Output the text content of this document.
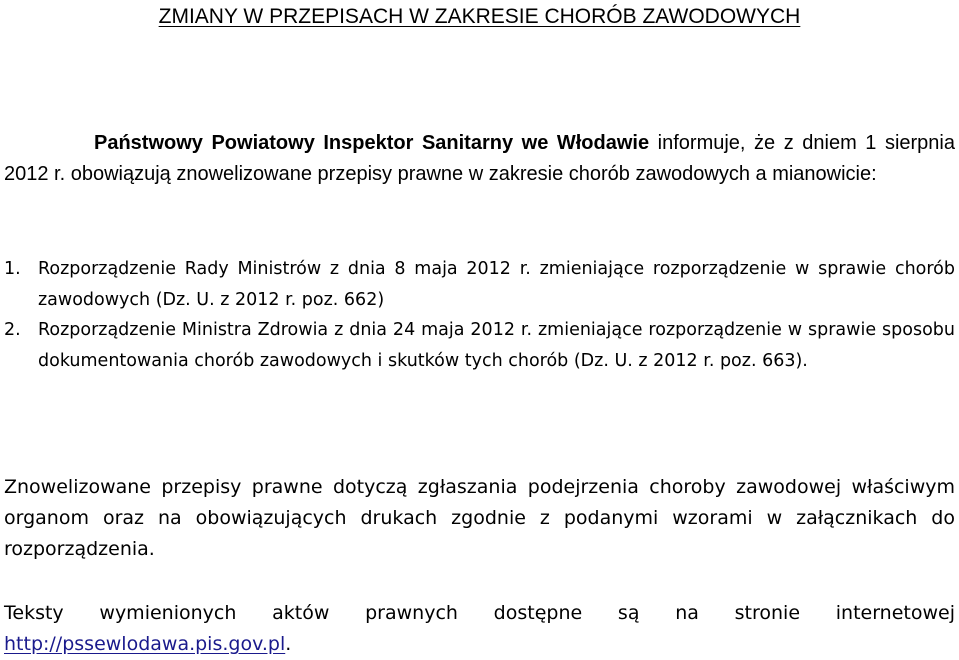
ZMIANY W PRZEPISACH W ZAKRESIE CHORÓB ZAWODOWYCH
Państwowy Powiatowy Inspektor Sanitarny we Włodawie informuje, że z dniem 1 sierpnia 2012 r. obowiązują znowelizowane przepisy prawne w zakresie chorób zawodowych a mianowicie:
1. Rozporządzenie Rady Ministrów z dnia 8 maja 2012 r. zmieniające rozporządzenie w sprawie chorób zawodowych (Dz. U. z 2012 r. poz. 662)
2. Rozporządzenie Ministra Zdrowia z dnia 24 maja 2012 r. zmieniające rozporządzenie w sprawie sposobu dokumentowania chorób zawodowych i skutków tych chorób (Dz. U. z 2012 r. poz. 663).
Znowelizowane przepisy prawne dotyczą zgłaszania podejrzenia choroby zawodowej właściwym organom oraz na obowiązujących drukach zgodnie z podanymi wzorami w załącznikach do rozporządzenia.
Teksty wymienionych aktów prawnych dostępne są na stronie internetowej http://pssewlodawa.pis.gov.pl.
